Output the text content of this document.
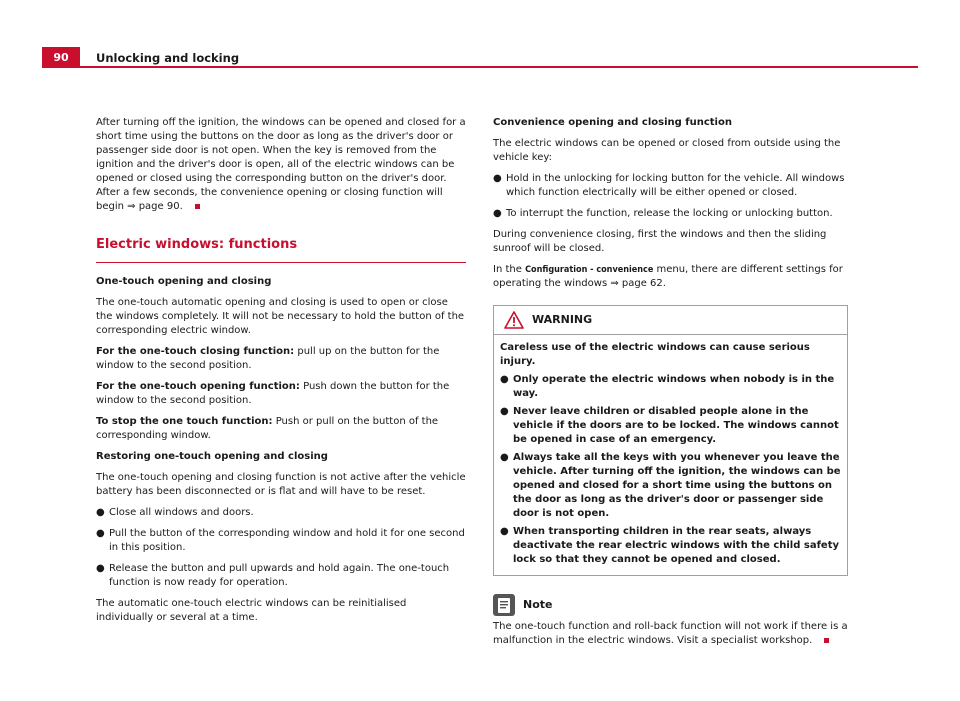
90	Unlocking and locking

After turning off the ignition, the windows can be opened and closed for a short time using the buttons on the door as long as the driver's door or passenger side door is not open. When the key is removed from the ignition and the driver's door is open, all of the electric windows can be opened or closed using the corresponding button on the driver's door. After a few seconds, the convenience opening or closing function will begin ⇒ page 90.

Electric windows: functions

One-touch opening and closing

The one-touch automatic opening and closing is used to open or close the windows completely. It will not be necessary to hold the button of the corresponding electric window.

For the one-touch closing function: pull up on the button for the window to the second position.

For the one-touch opening function: Push down the button for the window to the second position.

To stop the one touch function: Push or pull on the button of the corresponding window.

Restoring one-touch opening and closing

The one-touch opening and closing function is not active after the vehicle battery has been disconnected or is flat and will have to be reset.

● Close all windows and doors.
● Pull the button of the corresponding window and hold it for one second in this position.
● Release the button and pull upwards and hold again. The one-touch function is now ready for operation.

The automatic one-touch electric windows can be reinitialised individually or several at a time.

Convenience opening and closing function

The electric windows can be opened or closed from outside using the vehicle key:

● Hold in the unlocking for locking button for the vehicle. All windows which function electrically will be either opened or closed.
● To interrupt the function, release the locking or unlocking button.

During convenience closing, first the windows and then the sliding sunroof will be closed.

In the Configuration - convenience menu, there are different settings for operating the windows ⇒ page 62.

WARNING

Careless use of the electric windows can cause serious injury.

● Only operate the electric windows when nobody is in the way.
● Never leave children or disabled people alone in the vehicle if the doors are to be locked. The windows cannot be opened in case of an emergency.
● Always take all the keys with you whenever you leave the vehicle. After turning off the ignition, the windows can be opened and closed for a short time using the buttons on the door as long as the driver's door or passenger side door is not open.
● When transporting children in the rear seats, always deactivate the rear electric windows with the child safety lock so that they cannot be opened and closed.
Note

The one-touch function and roll-back function will not work if there is a malfunction in the electric windows. Visit a specialist workshop.
